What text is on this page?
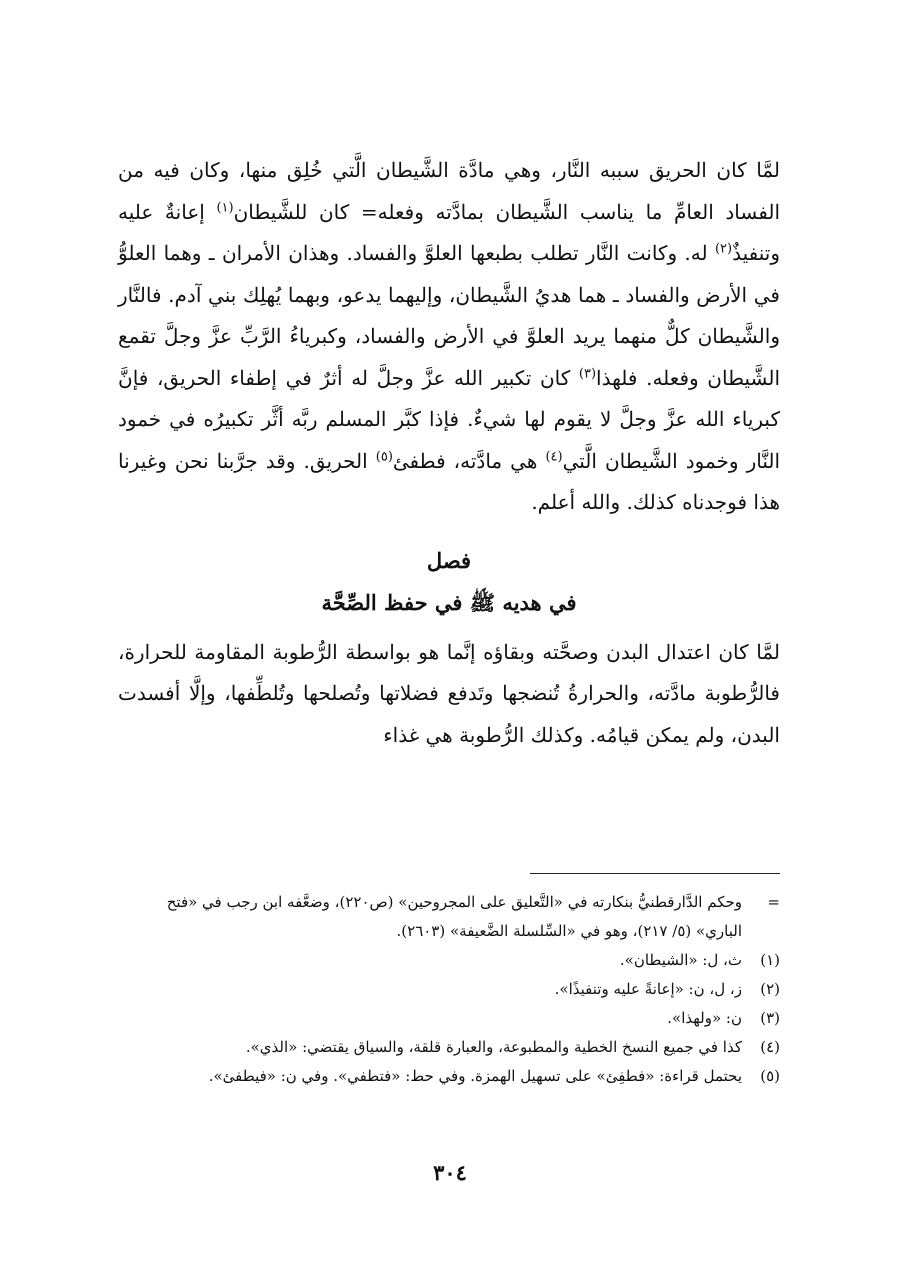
لمَّا كان الحريق سببه النَّار، وهي مادَّة الشَّيطان الَّتي خُلِق منها، وكان فيه من الفساد العامِّ ما يناسب الشَّيطان بمادَّته وفعله= كان للشَّيطان$^{(١)}$ إعانةٌ عليه وتنفيذٌ$^{(٢)}$ له. وكانت النَّار تطلب بطبعها العلوَّ والفساد. وهذان الأمران ـ وهما العلوُّ في الأرض والفساد ـ هما هديُ الشَّيطان، وإليهما يدعو، وبهما يُهلِك بني آدم. فالنَّار والشَّيطان كلٌّ منهما يريد العلوَّ في الأرض والفساد، وكبرياءُ الرَّبِّ عزَّ وجلَّ تقمع الشَّيطان وفعله. فلهذا$^{(٣)}$ كان تكبير الله عزَّ وجلَّ له أثرٌ في إطفاء الحريق، فإنَّ كبرياء الله عزَّ وجلَّ لا يقوم لها شيءٌ. فإذا كبَّر المسلم ربَّه أثَّر تكبيرُه في خمود النَّار وخمود الشَّيطان الَّتي$^{(٤)}$ هي مادَّته، فطفئ$^{(٥)}$ الحريق. وقد جرَّبنا نحن وغيرنا هذا فوجدناه كذلك. والله أعلم.

فصل
في هديه ﷺ في حفظ الصِّحَّة

لمَّا كان اعتدال البدن وصحَّته وبقاؤه إنَّما هو بواسطة الرُّطوبة المقاومة للحرارة، فالرُّطوبة مادَّته، والحرارةُ تُنضجها وتَدفع فضلاتها وتُصلحها وتُلطِّفها، وإلَّا أفسدت البدن، ولم يمكن قيامُه. وكذلك الرُّطوبة هي غذاء

=
وحكم الدَّارقطنيُّ بنكارته في «التَّعليق على المجروحين» (ص٢٢٠)، وضعَّفه ابن رجب في «فتح الباري» (٥/ ٢١٧)، وهو في «السِّلسلة الضَّعيفة» (٢٦٠٣).
(١)
ث، ل: «الشيطان».
(٢)
ز، ل، ن: «إعانةً عليه وتنفيذًا».
(٣)
ن: «ولهذا».
(٤)
كذا في جميع النسخ الخطية والمطبوعة، والعبارة قلقة، والسياق يقتضي: «الذي».
(٥)
يحتمل قراءة: «فطفِئ» على تسهيل الهمزة. وفي حط: «فتطفي». وفي ن: «فيطفئ».
٣٠٤
